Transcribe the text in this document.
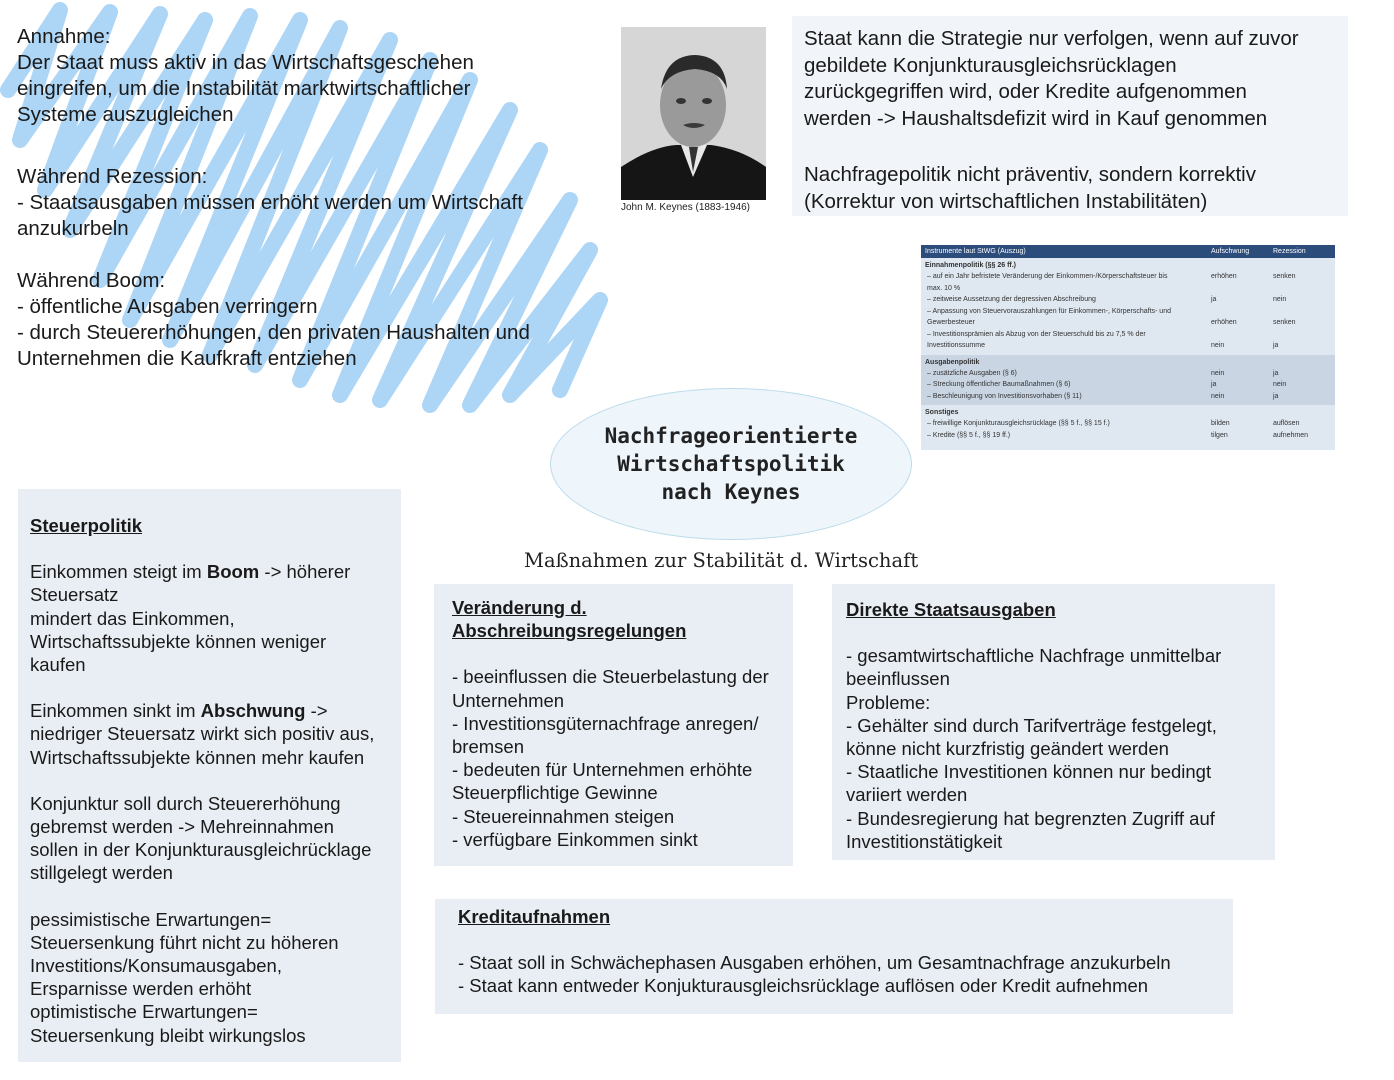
Annahme:

Der Staat muss aktiv in das Wirtschaftsgeschehen

eingreifen, um die Instabilität marktwirtschaftlicher

Systeme auszugleichen

Während Rezession:

- Staatsausgaben müssen erhöht werden um Wirtschaft

anzukurbeln

Während Boom:

- öffentliche Ausgaben verringern

- durch Steuererhöhungen, den privaten Haushalten und

Unternehmen die Kaufkraft entziehen

John M. Keynes (1883-1946)

Staat kann die Strategie nur verfolgen, wenn auf zuvor

gebildete Konjunkturausgleichsrücklagen

zurückgegriffen wird, oder Kredite aufgenommen

werden -> Haushaltsdefizit wird in Kauf genommen

Nachfragepolitik nicht präventiv, sondern korrektiv

(Korrektur von wirtschaftlichen Instabilitäten)

Instrumente laut StWG (Auszug)	Aufschwung	Rezession
Einnahmenpolitik (§§ 26 ff.)
– auf ein Jahr befristete Veränderung der Einkommen-/Körperschaftsteuer bis	erhöhen	senken
max. 10 %
– zeitweise Aussetzung der degressiven Abschreibung	ja	nein
– Anpassung von Steuervorauszahlungen für Einkommen-, Körperschafts- und
Gewerbesteuer	erhöhen	senken
– Investitionsprämien als Abzug von der Steuerschuld bis zu 7,5 % der
Investitionssumme	nein	ja
Ausgabenpolitik
– zusätzliche Ausgaben (§ 6)	nein	ja
– Streckung öffentlicher Baumaßnahmen (§ 6)	ja	nein
– Beschleunigung von Investitionsvorhaben (§ 11)	nein	ja
Sonstiges
– freiwillige Konjunkturausgleichsrücklage (§§ 5 f., §§ 15 f.)	bilden	auflösen
– Kredite (§§ 5 f., §§ 19 ff.)	tilgen	aufnehmen
Nachfrageorientierte
Wirtschaftspolitik
nach Keynes
Maßnahmen zur Stabilität d. Wirtschaft
Steuerpolitik

Einkommen steigt im Boom -> höherer

Steuersatz

mindert das Einkommen,

Wirtschaftssubjekte können weniger

kaufen

Einkommen sinkt im Abschwung ->

niedriger Steuersatz wirkt sich positiv aus,

Wirtschaftssubjekte können mehr kaufen

Konjunktur soll durch Steuererhöhung

gebremst werden -> Mehreinnahmen

sollen in der Konjunkturausgleichrücklage

stillgelegt werden

pessimistische Erwartungen=

Steuersenkung führt nicht zu höheren

Investitions/Konsumausgaben,

Ersparnisse werden erhöht

optimistische Erwartungen=

Steuersenkung bleibt wirkungslos

Veränderung d.
Abschreibungsregelungen

- beeinflussen die Steuerbelastung der

Unternehmen

- Investitionsgüternachfrage anregen/

bremsen

- bedeuten für Unternehmen erhöhte

Steuerpflichtige Gewinne

- Steuereinnahmen steigen

- verfügbare Einkommen sinkt

Direkte Staatsausgaben

- gesamtwirtschaftliche Nachfrage unmittelbar

beeinflussen

Probleme:

- Gehälter sind durch Tarifverträge festgelegt,

könne nicht kurzfristig geändert werden

- Staatliche Investitionen können nur bedingt

variiert werden

- Bundesregierung hat begrenzten Zugriff auf

Investitionstätigkeit

Kreditaufnahmen

- Staat soll in Schwächephasen Ausgaben erhöhen, um Gesamtnachfrage anzukurbeln

- Staat kann entweder Konjukturausgleichsrücklage auflösen oder Kredit aufnehmen
